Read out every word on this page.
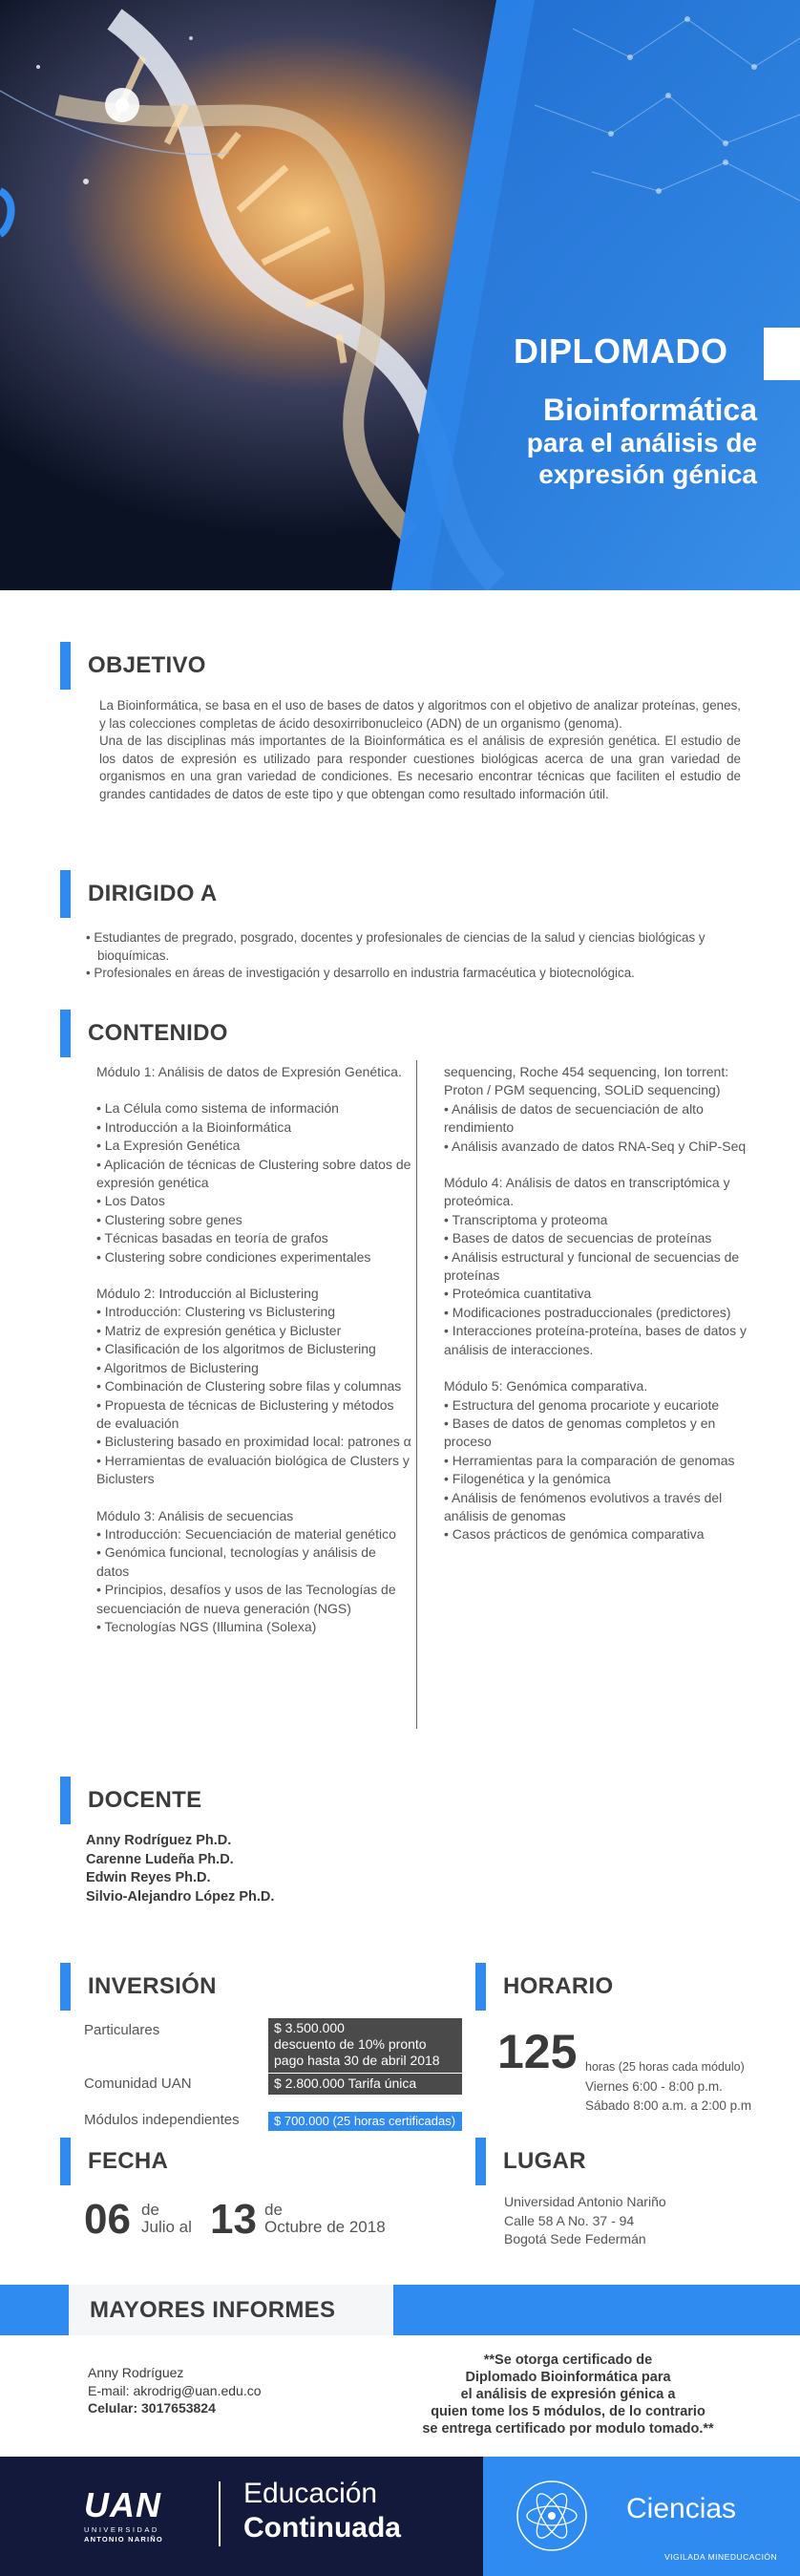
DIPLOMADO
Bioinformática
para el análisis de
expresión génica
OBJETIVO

La Bioinformática, se basa en el uso de bases de datos y algoritmos con el objetivo de analizar proteínas, genes, y las colecciones completas de ácido desoxirribonucleico (ADN) de un organismo (genoma).

Una de las disciplinas más importantes de la Bioinformática es el análisis de expresión genética. El estudio de los datos de expresión es utilizado para responder cuestiones biológicas acerca de una gran variedad de organismos en una gran variedad de condiciones. Es necesario encontrar técnicas que faciliten el estudio de grandes cantidades de datos de este tipo y que obtengan como resultado información útil.

DIRIGIDO A
• Estudiantes de pregrado, posgrado, docentes y profesionales de ciencias de la salud y ciencias biológicas y bioquímicas.
• Profesionales en áreas de investigación y desarrollo en industria farmacéutica y biotecnológica.
CONTENIDO
Módulo 1: Análisis de datos de Expresión Genética.
• La Célula como sistema de información
• Introducción a la Bioinformática
• La Expresión Genética
• Aplicación de técnicas de Clustering sobre datos de expresión genética
• Los Datos
• Clustering sobre genes
• Técnicas basadas en teoría de grafos
• Clustering sobre condiciones experimentales
Módulo 2: Introducción al Biclustering
• Introducción: Clustering vs Biclustering
• Matriz de expresión genética y Bicluster
• Clasificación de los algoritmos de Biclustering
• Algoritmos de Biclustering
• Combinación de Clustering sobre filas y columnas
• Propuesta de técnicas de Biclustering y métodos de evaluación
• Biclustering basado en proximidad local: patrones α
• Herramientas de evaluación biológica de Clusters y Biclusters
Módulo 3: Análisis de secuencias
• Introducción: Secuenciación de material genético
• Genómica funcional, tecnologías y análisis de datos
• Principios, desafíos y usos de las Tecnologías de secuenciación de nueva generación (NGS)
• Tecnologías NGS (Illumina (Solexa)
sequencing, Roche 454 sequencing, Ion torrent: Proton / PGM sequencing, SOLiD sequencing)
• Análisis de datos de secuenciación de alto rendimiento
• Análisis avanzado de datos RNA-Seq y ChiP-Seq
Módulo 4: Análisis de datos en transcriptómica y proteómica.
• Transcriptoma y proteoma
• Bases de datos de secuencias de proteínas
• Análisis estructural y funcional de secuencias de proteínas
• Proteómica cuantitativa
• Modificaciones postraduccionales (predictores)
• Interacciones proteína-proteína, bases de datos y análisis de interacciones.
Módulo 5: Genómica comparativa.
• Estructura del genoma procariote y eucariote
• Bases de datos de genomas completos y en proceso
• Herramientas para la comparación de genomas
• Filogenética y la genómica
• Análisis de fenómenos evolutivos a través del análisis de genomas
• Casos prácticos de genómica comparativa
DOCENTE
Anny Rodríguez Ph.D.
Carenne Ludeña Ph.D.
Edwin Reyes Ph.D.
Silvio-Alejandro López Ph.D.
INVERSIÓN
Particulares	$ 3.500.000
descuento de 10% pronto
pago hasta 30 de abril 2018
Comunidad UAN	$ 2.800.000 Tarifa única
Módulos independientes	$ 700.000 (25 horas certificadas)
HORARIO
125 horas (25 horas cada módulo)
Viernes 6:00 - 8:00 p.m.
Sábado 8:00 a.m. a 2:00 p.m
FECHA
06 de
Julio al 13 de
Octubre de 2018
LUGAR
Universidad Antonio Nariño
Calle 58 A No. 37 - 94
Bogotá Sede Federmán
MAYORES INFORMES
Anny Rodríguez
E-mail: akrodrig@uan.edu.co
Celular: 3017653824
**Se otorga certificado de
Diplomado Bioinformática para
el análisis de expresión génica a
quien tome los 5 módulos, de lo contrario
se entrega certificado por modulo tomado.**
UAN
UNIVERSIDAD
ANTONIO NARIÑO
Educación
Continuada
Ciencias
VIGILADA MINEDUCACIÓN
